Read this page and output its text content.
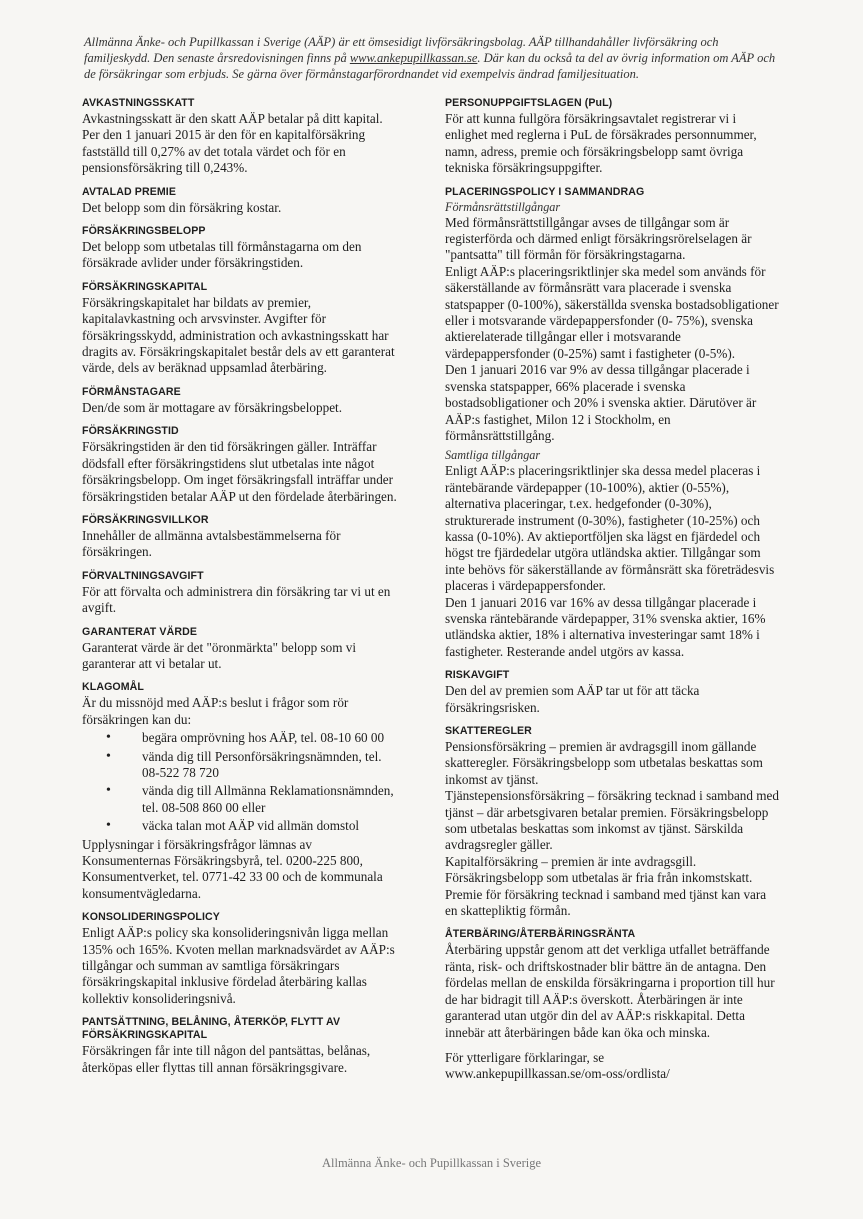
Allmänna Änke- och Pupillkassan i Sverige (AÄP) är ett ömsesidigt livförsäkringsbolag. AÄP tillhandahåller livförsäkring och familjeskydd. Den senaste årsredovisningen finns på www.ankepupillkassan.se. Där kan du också ta del av övrig information om AÄP och de försäkringar som erbjuds. Se gärna över förmånstagarförordnandet vid exempelvis ändrad familjesituation.
AVKASTNINGSSKATT

Avkastningsskatt är den skatt AÄP betalar på ditt kapital. Per den 1 januari 2015 är den för en kapitalförsäkring fastställd till 0,27% av det totala värdet och för en pensionsförsäkring till 0,243%.

AVTALAD PREMIE

Det belopp som din försäkring kostar.

FÖRSÄKRINGSBELOPP

Det belopp som utbetalas till förmånstagarna om den försäkrade avlider under försäkringstiden.

FÖRSÄKRINGSKAPITAL

Försäkringskapitalet har bildats av premier, kapitalavkastning och arvsvinster. Avgifter för försäkringsskydd, administration och avkastningsskatt har dragits av. Försäkringskapitalet består dels av ett garanterat värde, dels av beräknad uppsamlad återbäring.

FÖRMÅNSTAGARE

Den/de som är mottagare av försäkringsbeloppet.

FÖRSÄKRINGSTID

Försäkringstiden är den tid försäkringen gäller. Inträffar dödsfall efter försäkringstidens slut utbetalas inte något försäkringsbelopp. Om inget försäkringsfall inträffar under försäkringstiden betalar AÄP ut den fördelade återbäringen.

FÖRSÄKRINGSVILLKOR

Innehåller de allmänna avtalsbestämmelserna för försäkringen.

FÖRVALTNINGSAVGIFT

För att förvalta och administrera din försäkring tar vi ut en avgift.

GARANTERAT VÄRDE

Garanterat värde är det "öronmärkta" belopp som vi garanterar att vi betalar ut.

KLAGOMÅL

Är du missnöjd med AÄP:s beslut i frågor som rör försäkringen kan du:

• begära omprövning hos AÄP, tel. 08-10 60 00
• vända dig till Personförsäkringsnämnden, tel. 08-522 78 720
• vända dig till Allmänna Reklamationsnämnden, tel. 08-508 860 00 eller
• väcka talan mot AÄP vid allmän domstol

Upplysningar i försäkringsfrågor lämnas av Konsumenternas Försäkringsbyrå, tel. 0200-225 800, Konsumentverket, tel. 0771-42 33 00 och de kommunala konsumentvägledarna.

KONSOLIDERINGSPOLICY

Enligt AÄP:s policy ska konsolideringsnivån ligga mellan 135% och 165%. Kvoten mellan marknadsvärdet av AÄP:s tillgångar och summan av samtliga försäkringars försäkringskapital inklusive fördelad återbäring kallas kollektiv konsolideringsnivå.

PANTSÄTTNING, BELÅNING, ÅTERKÖP, FLYTT AV FÖRSÄKRINGSKAPITAL

Försäkringen får inte till någon del pantsättas, belånas, återköpas eller flyttas till annan försäkringsgivare.

PERSONUPPGIFTSLAGEN (PuL)

För att kunna fullgöra försäkringsavtalet registrerar vi i enlighet med reglerna i PuL de försäkrades personnummer, namn, adress, premie och försäkringsbelopp samt övriga tekniska försäkringsuppgifter.

PLACERINGSPOLICY I SAMMANDRAG
Förmånsrättstillgångar

Med förmånsrättstillgångar avses de tillgångar som är registerförda och därmed enligt försäkringsrörelselagen är "pantsatta" till förmån för försäkringstagarna.

Enligt AÄP:s placeringsriktlinjer ska medel som används för säkerställande av förmånsrätt vara placerade i svenska statspapper (0-100%), säkerställda svenska bostadsobligationer eller i motsvarande värdepappersfonder (0- 75%), svenska aktierelaterade tillgångar eller i motsvarande värdepappersfonder (0-25%) samt i fastigheter (0-5%).

Den 1 januari 2016 var 9% av dessa tillgångar placerade i svenska statspapper, 66% placerade i svenska bostadsobligationer och 20% i svenska aktier. Därutöver är AÄP:s fastighet, Milon 12 i Stockholm, en förmånsrättstillgång.

Samtliga tillgångar

Enligt AÄP:s placeringsriktlinjer ska dessa medel placeras i räntebärande värdepapper (10-100%), aktier (0-55%), alternativa placeringar, t.ex. hedgefonder (0-30%), strukturerade instrument (0-30%), fastigheter (10-25%) och kassa (0-10%). Av aktieportföljen ska lägst en fjärdedel och högst tre fjärdedelar utgöra utländska aktier. Tillgångar som inte behövs för säkerställande av förmånsrätt ska företrädesvis placeras i värdepappersfonder.

Den 1 januari 2016 var 16% av dessa tillgångar placerade i svenska räntebärande värdepapper, 31% svenska aktier, 16% utländska aktier, 18% i alternativa investeringar samt 18% i fastigheter. Resterande andel utgörs av kassa.

RISKAVGIFT

Den del av premien som AÄP tar ut för att täcka försäkringsrisken.

SKATTEREGLER

Pensionsförsäkring – premien är avdragsgill inom gällande skatteregler. Försäkringsbelopp som utbetalas beskattas som inkomst av tjänst.

Tjänstepensionsförsäkring – försäkring tecknad i samband med tjänst – där arbetsgivaren betalar premien. Försäkringsbelopp som utbetalas beskattas som inkomst av tjänst. Särskilda avdragsregler gäller.

Kapitalförsäkring – premien är inte avdragsgill. Försäkringsbelopp som utbetalas är fria från inkomstskatt. Premie för försäkring tecknad i samband med tjänst kan vara en skattepliktig förmån.

ÅTERBÄRING/ÅTERBÄRINGSRÄNTA

Återbäring uppstår genom att det verkliga utfallet beträffande ränta, risk- och driftskostnader blir bättre än de antagna. Den fördelas mellan de enskilda försäkringarna i proportion till hur de har bidragit till AÄP:s överskott. Återbäringen är inte garanterad utan utgör din del av AÄP:s riskkapital. Detta innebär att återbäringen både kan öka och minska.

För ytterligare förklaringar, se

www.ankepupillkassan.se/om-oss/ordlista/
Allmänna Änke- och Pupillkassan i Sverige
